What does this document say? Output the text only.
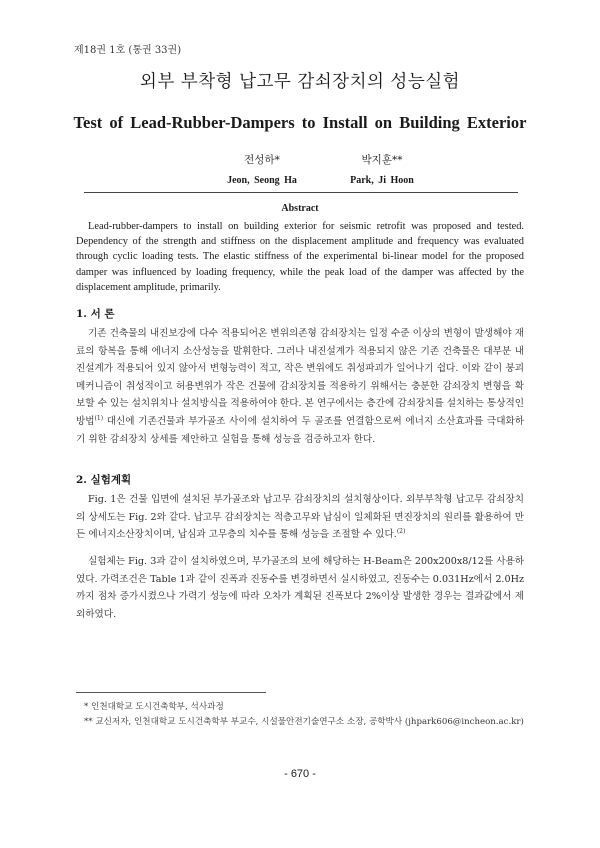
제18권 1호 (통권 33권)
외부 부착형 납고무 감쇠장치의 성능실험
Test of Lead-Rubber-Dampers to Install on Building Exterior
전성하*
Jeon, Seong Ha
박지훈**
Park, Ji Hoon
Abstract
Lead-rubber-dampers to install on building exterior for seismic retrofit was proposed and tested. Dependency of the strength and stiffness on the displacement amplitude and frequency was evaluated through cyclic loading tests. The elastic stiffness of the experimental bi-linear model for the proposed damper was influenced by loading frequency, while the peak load of the damper was affected by the displacement amplitude, primarily.
1. 서 론
기존 건축물의 내진보강에 다수 적용되어온 변위의존형 감쇠장치는 일정 수준 이상의 변형이 발생해야 재료의 항복을 통해 에너지 소산성능을 발휘한다. 그러나 내진설계가 적용되지 않은 기존 건축물은 대부분 내진설계가 적용되어 있지 않아서 변형능력이 적고, 작은 변위에도 취성파괴가 일어나기 쉽다. 이와 같이 붕괴메커니즘이 취성적이고 허용변위가 작은 건물에 감쇠장치를 적용하기 위해서는 충분한 감쇠장치 변형을 확보할 수 있는 설치위치나 설치방식을 적용하여야 한다. 본 연구에서는 층간에 감쇠장치를 설치하는 통상적인 방법$^{(1)}$ 대신에 기존건물과 부가골조 사이에 설치하여 두 골조를 연결함으로써 에너지 소산효과를 극대화하기 위한 감쇠장치 상세를 제안하고 실험을 통해 성능을 검증하고자 한다.
2. 실험계획
Fig. 1은 건물 입면에 설치된 부가골조와 납고무 감쇠장치의 설치형상이다. 외부부착형 납고무 감쇠장치의 상세도는 Fig. 2와 같다. 납고무 감쇠장치는 적층고무와 납심이 일체화된 면진장치의 원리를 활용하여 만든 에너지소산장치이며, 납심과 고무층의 치수를 통해 성능을 조절할 수 있다.$^{(2)}$
실험체는 Fig. 3과 같이 설치하였으며, 부가골조의 보에 해당하는 H-Beam은 200x200x8/12를 사용하였다. 가력조건은 Table 1과 같이 진폭과 진동수를 변경하면서 실시하였고, 진동수는 0.031Hz에서 2.0Hz까지 점차 증가시켰으나 가력기 성능에 따라 오차가 계획된 진폭보다 2%이상 발생한 경우는 결과값에서 제외하였다.
* 인천대학교 도시건축학부, 석사과정
** 교신저자, 인천대학교 도시건축학부 부교수, 시설물안전기술연구소 소장, 공학박사 (jhpark606@incheon.ac.kr)
- 670 -
